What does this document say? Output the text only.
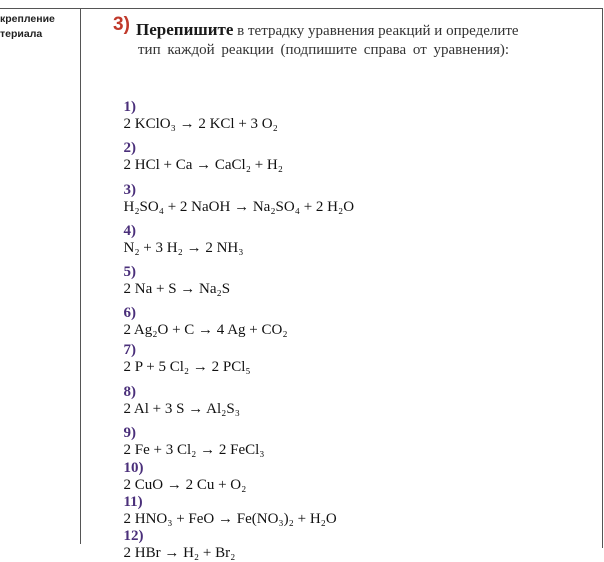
креплениe
териала	3) Перепишите в тетрадку уравнения реакций и определите
тип каждой реакции (подпишите справа от уравнения):

1)
2 KClO₃ → 2 KCl + 3 O₂

2)
2 HCl + Ca → CaCl₂ + H₂

3)
H₂SO₄ + 2 NaOH → Na₂SO₄ + 2 H₂O

4)
N₂ + 3 H₂ → 2 NH₃

5)
2 Na + S → Na₂S

6)
2 Ag₂O + C → 4 Ag + CO₂

7)
2 P + 5 Cl₂ → 2 PCl₅

8)
2 Al + 3 S → Al₂S₃

9)
2 Fe + 3 Cl₂ → 2 FeCl₃

10)
2 CuO → 2 Cu + O₂

11)
2 HNO₃ + FeO → Fe(NO₃)₂ + H₂O

12)
2 HBr → H₂ + Br₂
